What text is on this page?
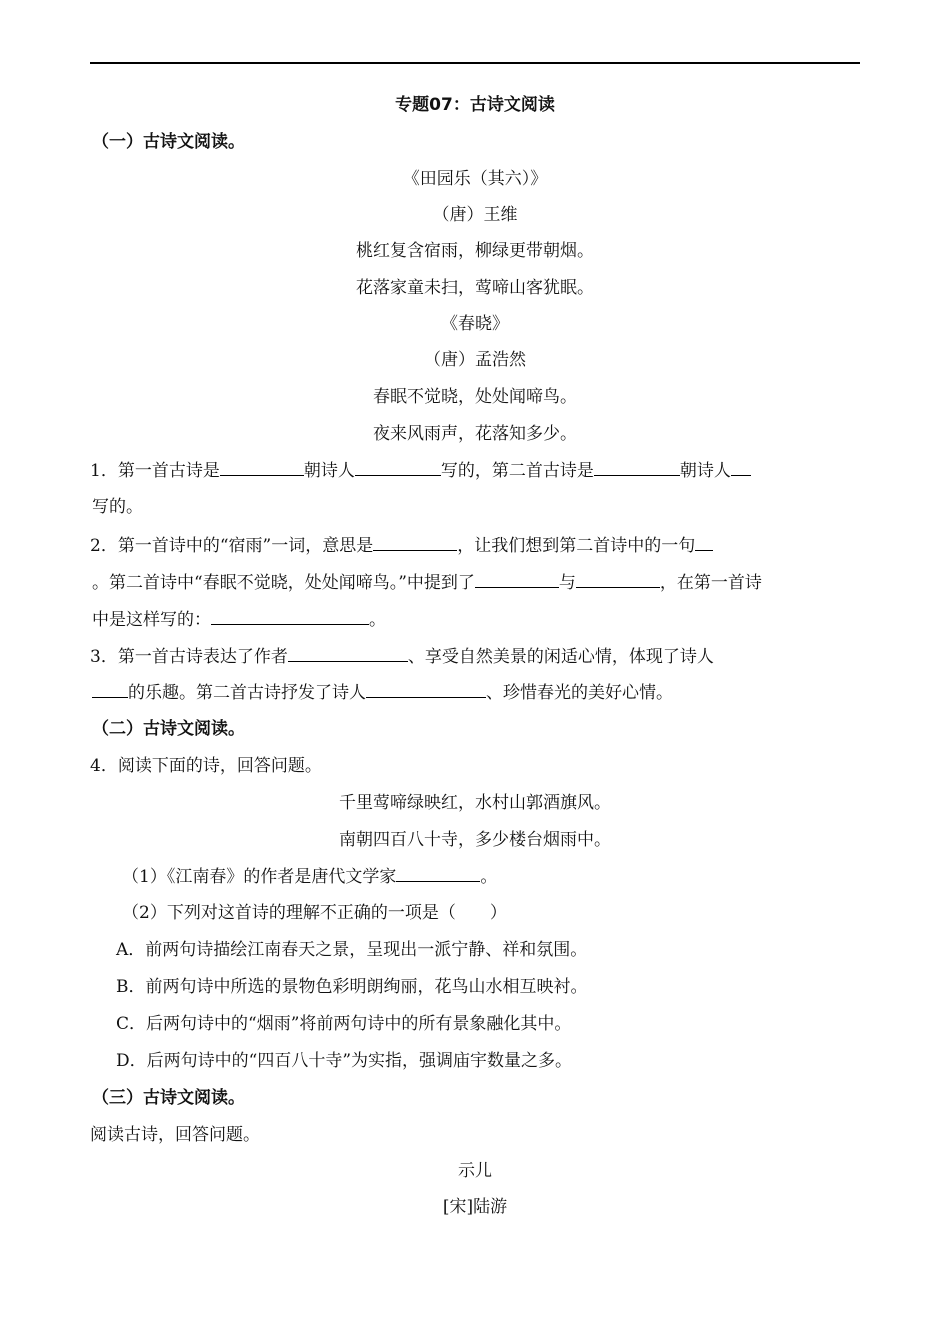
专题07：古诗文阅读
（一）古诗文阅读。
《田园乐（其六）》
（唐）王维
桃红复含宿雨，柳绿更带朝烟。
花落家童未扫，莺啼山客犹眠。
《春晓》
（唐）孟浩然
春眠不觉晓，处处闻啼鸟。
夜来风雨声，花落知多少。
1．第一首古诗是	朝诗人	写的，第二首古诗是	朝诗人
写的。
2．第一首诗中的“宿雨”一词，意思是	，让我们想到第二首诗中的一句
。第二首诗中“春眠不觉晓，处处闻啼鸟。”中提到了	与	，在第一首诗
中是这样写的：	。
3．第一首古诗表达了作者	、享受自然美景的闲适心情，体现了诗人
的乐趣。第二首古诗抒发了诗人	、珍惜春光的美好心情。
（二）古诗文阅读。
4．阅读下面的诗，回答问题。
千里莺啼绿映红，水村山郭酒旗风。
南朝四百八十寺，多少楼台烟雨中。
（1）《江南春》的作者是唐代文学家	。
（2）下列对这首诗的理解不正确的一项是（　　）
A．前两句诗描绘江南春天之景，呈现出一派宁静、祥和氛围。
B．前两句诗中所选的景物色彩明朗绚丽，花鸟山水相互映衬。
C．后两句诗中的“烟雨”将前两句诗中的所有景象融化其中。
D．后两句诗中的“四百八十寺”为实指，强调庙宇数量之多。
（三）古诗文阅读。
阅读古诗，回答问题。
示儿
[宋]陆游
